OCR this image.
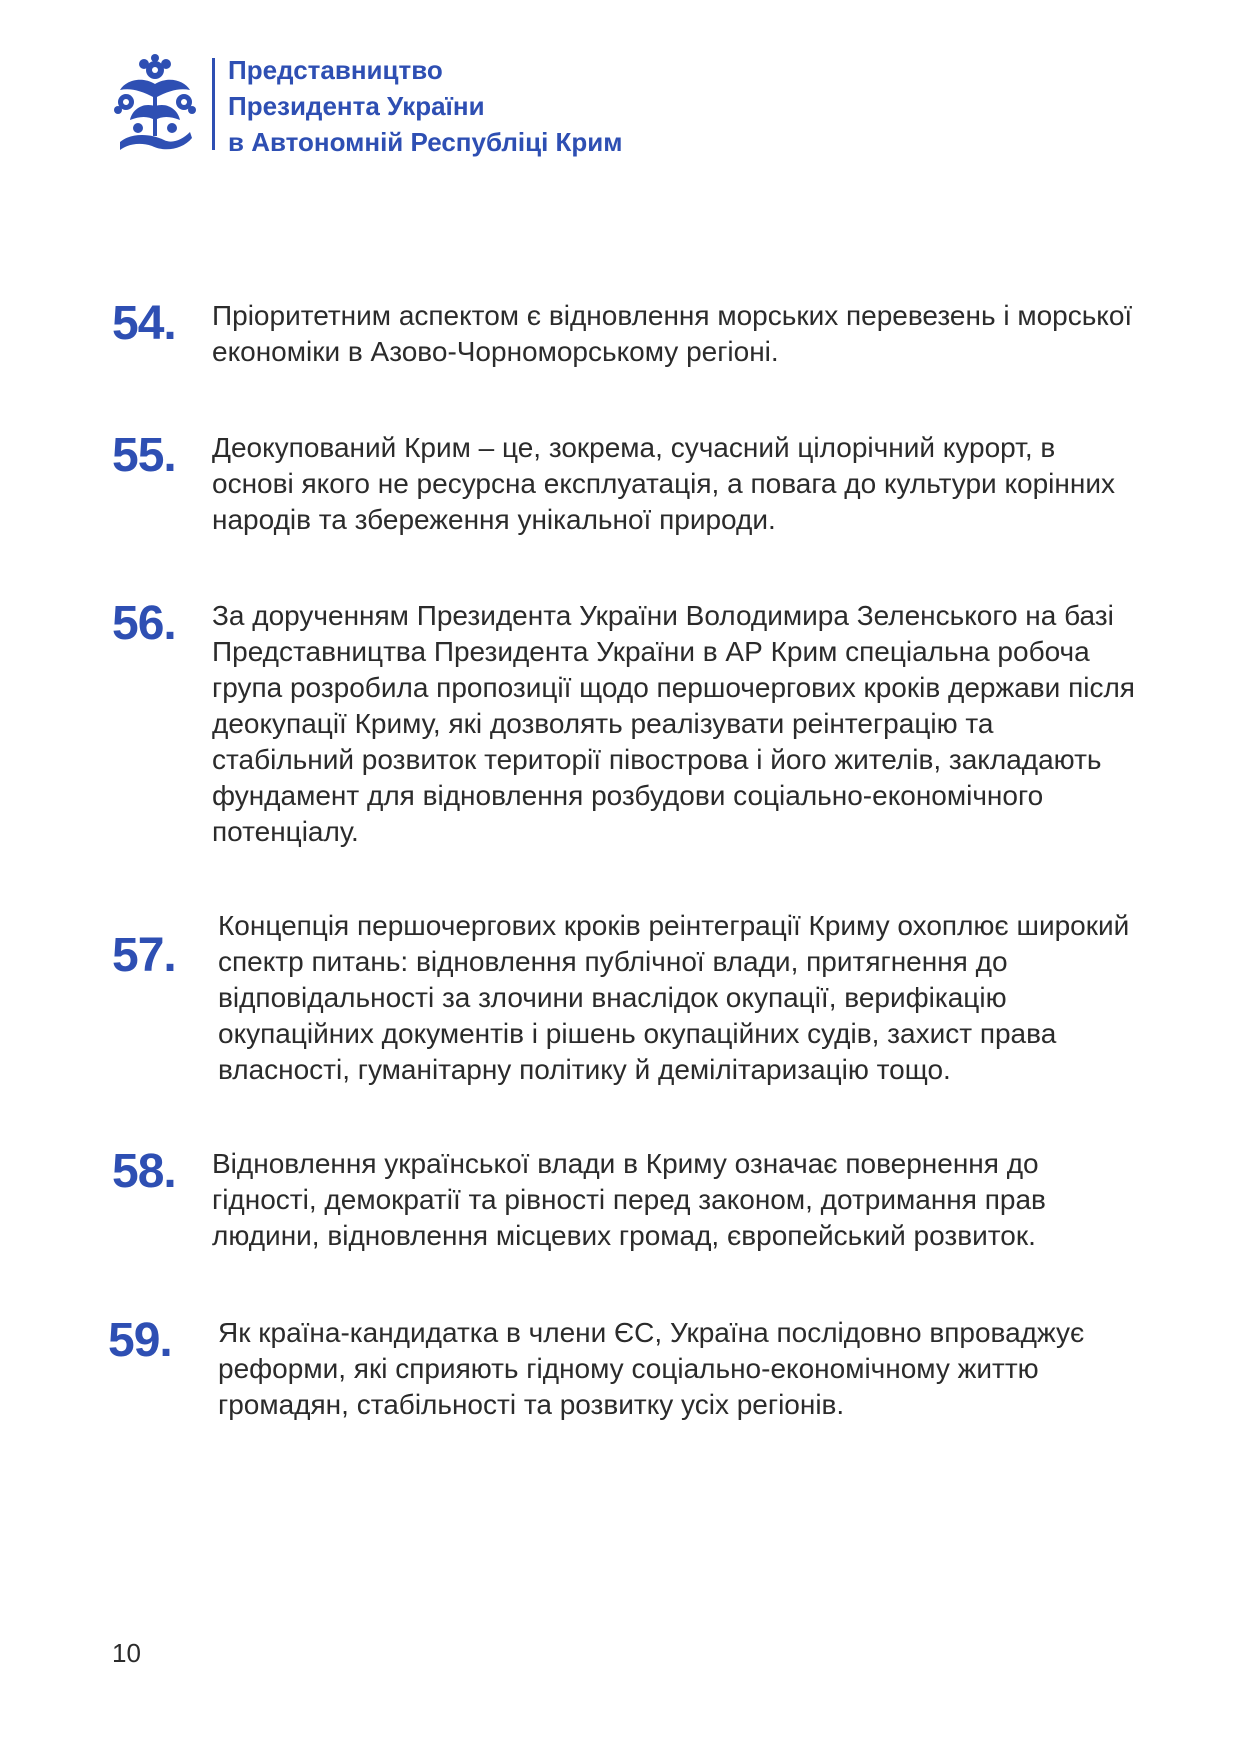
Представництво
Президента України
в Автономній Республіці Крим
54. Пріоритетним аспектом є відновлення морських перевезень і морської економіки в Азово-Чорноморському регіоні.
55. Деокупований Крим – це, зокрема, сучасний цілорічний курорт, в основі якого не ресурсна експлуатація, а повага до культури корінних народів та збереження унікальної природи.
56. За дорученням Президента України Володимира Зеленського на базі Представництва Президента України в АР Крим спеціальна робоча група розробила пропозиції щодо першочергових кроків держави після деокупації Криму, які дозволять реалізувати реінтеграцію та стабільний розвиток території півострова і його жителів, закладають фундамент для відновлення розбудови соціально-економічного потенціалу.
57.
Концепція першочергових кроків реінтеграції Криму охоплює широкий спектр питань: відновлення публічної влади, притягнення до відповідальності за злочини внаслідок окупації, верифікацію окупаційних документів і рішень окупаційних судів, захист права власності, гуманітарну політику й демілітаризацію тощо.
58. Відновлення української влади в Криму означає повернення до гідності, демократії та рівності перед законом, дотримання прав людини, відновлення місцевих громад, європейський розвиток.
59. Як країна-кандидатка в члени ЄС, Україна послідовно впроваджує реформи, які сприяють гідному соціально-економічному життю громадян, стабільності та розвитку усіх регіонів.
10
